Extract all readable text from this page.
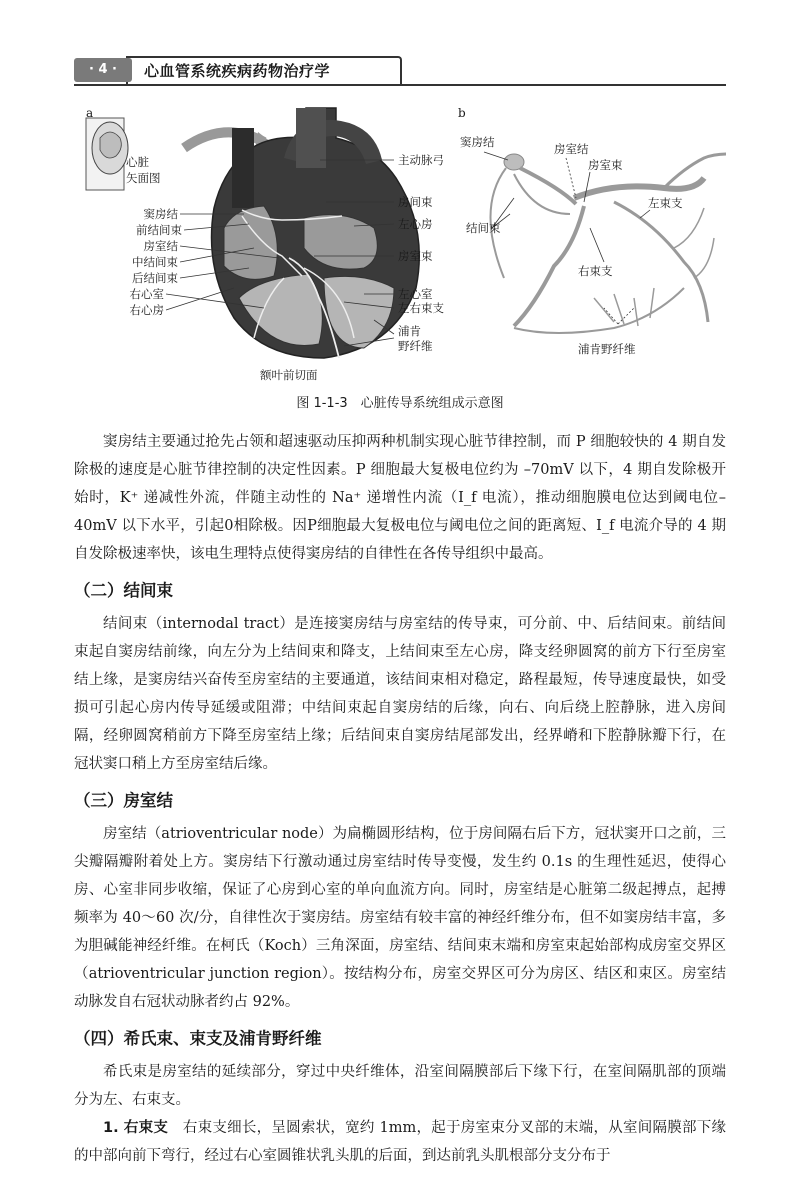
· 4 ·	心血管系统疾病药物治疗学
a	b
心脏
矢面图
窦房结
前结间束
房室结
中结间束
后结间束
右心室
右心房
主动脉弓
房间束
左心房
房室束
左心室
左右束支
浦肯
野纤维
额叶前切面
窦房结	房室结
房室束
左束支
结间束
右束支
浦肯野纤维
图 1-1-3　心脏传导系统组成示意图

窦房结主要通过抢先占领和超速驱动压抑两种机制实现心脏节律控制，而 P 细胞较快的 4 期自发除极的速度是心脏节律控制的决定性因素。P 细胞最大复极电位约为 –70mV 以下，4 期自发除极开始时，K⁺ 递减性外流，伴随主动性的 Na⁺ 递增性内流（I_f 电流），推动细胞膜电位达到阈电位–40mV 以下水平，引起0相除极。因P细胞最大复极电位与阈电位之间的距离短、I_f 电流介导的 4 期自发除极速率快，该电生理特点使得窦房结的自律性在各传导组织中最高。

（二）结间束

结间束（internodal tract）是连接窦房结与房室结的传导束，可分前、中、后结间束。前结间束起自窦房结前缘，向左分为上结间束和降支，上结间束至左心房，降支经卵圆窝的前方下行至房室结上缘，是窦房结兴奋传至房室结的主要通道，该结间束相对稳定，路程最短，传导速度最快，如受损可引起心房内传导延缓或阻滞；中结间束起自窦房结的后缘，向右、向后绕上腔静脉，进入房间隔，经卵圆窝稍前方下降至房室结上缘；后结间束自窦房结尾部发出，经界嵴和下腔静脉瓣下行，在冠状窦口稍上方至房室结后缘。

（三）房室结

房室结（atrioventricular node）为扁椭圆形结构，位于房间隔右后下方，冠状窦开口之前，三尖瓣隔瓣附着处上方。窦房结下行激动通过房室结时传导变慢，发生约 0.1s 的生理性延迟，使得心房、心室非同步收缩，保证了心房到心室的单向血流方向。同时，房室结是心脏第二级起搏点，起搏频率为 40～60 次/分，自律性次于窦房结。房室结有较丰富的神经纤维分布，但不如窦房结丰富，多为胆碱能神经纤维。在柯氏（Koch）三角深面，房室结、结间束末端和房室束起始部构成房室交界区（atrioventricular junction region）。按结构分布，房室交界区可分为房区、结区和束区。房室结动脉发自右冠状动脉者约占 92%。

（四）希氏束、束支及浦肯野纤维

希氏束是房室结的延续部分，穿过中央纤维体，沿室间隔膜部后下缘下行，在室间隔肌部的顶端分为左、右束支。

1. 右束支　右束支细长，呈圆索状，宽约 1mm，起于房室束分叉部的末端，从室间隔膜部下缘的中部向前下弯行，经过右心室圆锥状乳头肌的后面，到达前乳头肌根部分支分布于
